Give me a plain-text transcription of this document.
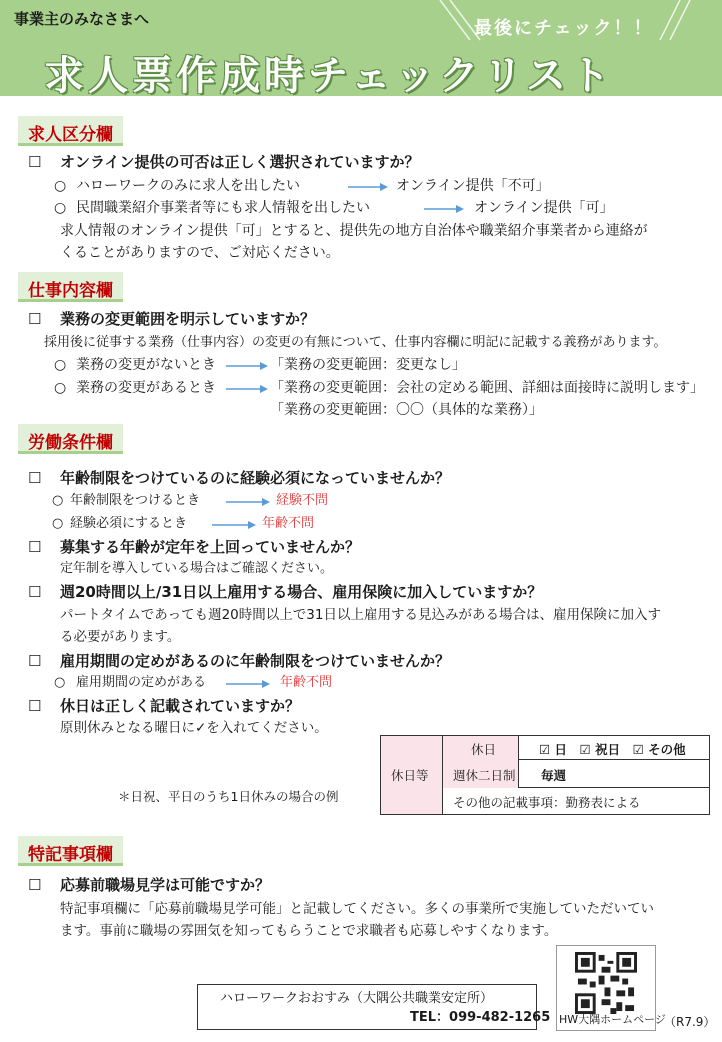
事業主のみなさまへ	最後にチェック！！
求人票作成時チェックリスト
求人区分欄
☐ オンライン提供の可否は正しく選択されていますか？
○ ハローワークのみに求人を出したい	オンライン提供「不可」
○ 民間職業紹介事業者等にも求人情報を出したい	オンライン提供「可」
求人情報のオンライン提供「可」とすると、提供先の地方自治体や職業紹介事業者から連絡が
くることがありますので、ご対応ください。
仕事内容欄
☐ 業務の変更範囲を明示していますか？
採用後に従事する業務（仕事内容）の変更の有無について、仕事内容欄に明記に記載する義務があります。
○ 業務の変更がないとき	「業務の変更範囲：変更なし」
○ 業務の変更があるとき	「業務の変更範囲：会社の定める範囲、詳細は面接時に説明します」
「業務の変更範囲：〇〇（具体的な業務）」
労働条件欄
☐ 年齢制限をつけているのに経験必須になっていませんか？
○ 年齢制限をつけるとき	経験不問
○ 経験必須にするとき	年齢不問
☐ 募集する年齢が定年を上回っていませんか？
定年制を導入している場合はご確認ください。
☐ 週20時間以上/31日以上雇用する場合、雇用保険に加入していますか？
パートタイムであっても週20時間以上で31日以上雇用する見込みがある場合は、雇用保険に加入す
る必要があります。
☐ 雇用期間の定めがあるのに年齢制限をつけていませんか？
○ 雇用期間の定めがある	年齢不問
☐ 休日は正しく記載されていますか？
原則休みとなる曜日に✓を入れてください。
＊日祝、平日のうち1日休みの場合の例
休日等
休日	☑ 日　☑ 祝日　☑ その他
週休二日制 毎週
その他の記載事項：勤務表による
特記事項欄
☐ 応募前職場見学は可能ですか？
特記事項欄に「応募前職場見学可能」と記載してください。多くの事業所で実施していただいてい
ます。事前に職場の雰囲気を知ってもらうことで求職者も応募しやすくなります。
ハローワークおおすみ（大隅公共職業安定所）
TEL：099-482-1265 HW大隅ホームページ
（R7.9）
